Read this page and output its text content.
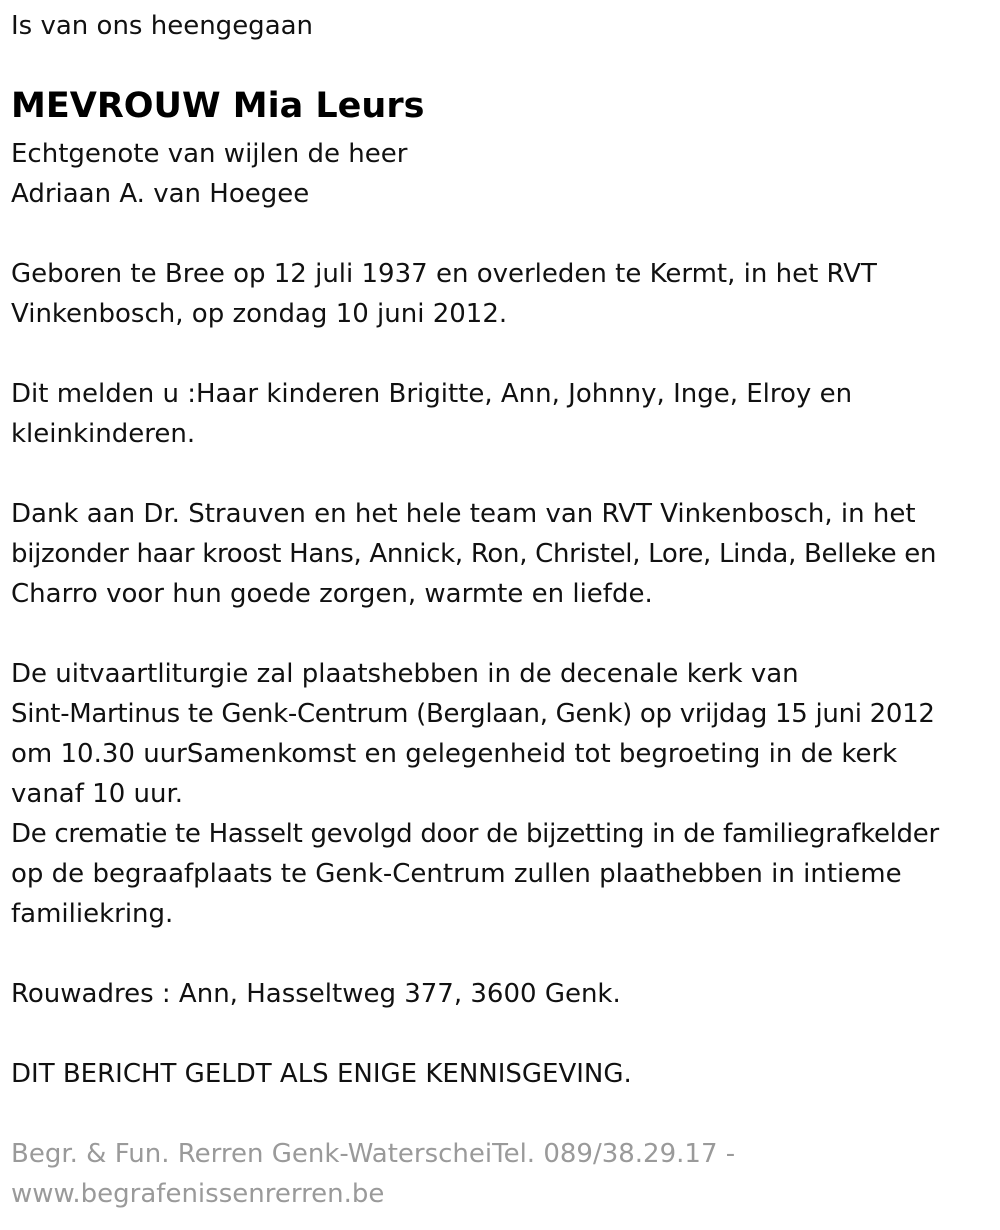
Is van ons heengegaan
MEVROUW Mia Leurs
Echtgenote van wijlen de heer
Adriaan A. van Hoegee
Geboren te Bree op 12 juli 1937 en overleden te Kermt, in het RVT
Vinkenbosch, op zondag 10 juni 2012.
Dit melden u :Haar kinderen Brigitte, Ann, Johnny, Inge, Elroy en
kleinkinderen.
Dank aan Dr. Strauven en het hele team van RVT Vinkenbosch, in het
bijzonder haar kroost Hans, Annick, Ron, Christel, Lore, Linda, Belleke en
Charro voor hun goede zorgen, warmte en liefde.
De uitvaartliturgie zal plaatshebben in de decenale kerk van
Sint-Martinus te Genk-Centrum (Berglaan, Genk) op vrijdag 15 juni 2012
om 10.30 uurSamenkomst en gelegenheid tot begroeting in de kerk
vanaf 10 uur.
De crematie te Hasselt gevolgd door de bijzetting in de familiegrafkelder
op de begraafplaats te Genk-Centrum zullen plaathebben in intieme
familiekring.
Rouwadres : Ann, Hasseltweg 377, 3600 Genk.
DIT BERICHT GELDT ALS ENIGE KENNISGEVING.
Begr. & Fun. Rerren Genk-WaterscheiTel. 089/38.29.17 -
www.begrafenissenrerren.be
